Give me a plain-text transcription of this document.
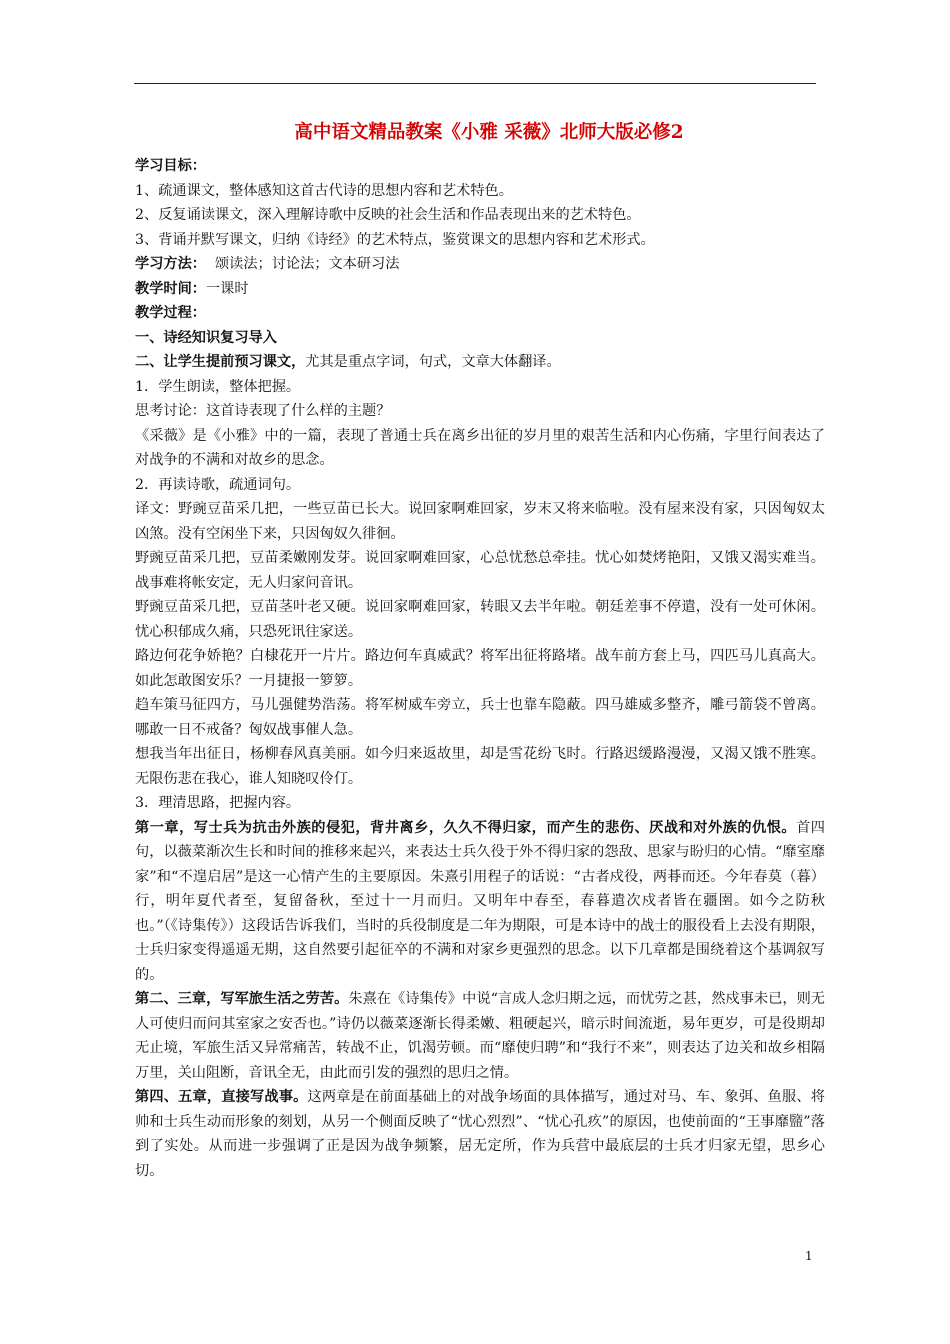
高中语文精品教案《小雅 采薇》北师大版必修2

学习目标：

1、疏通课文，整体感知这首古代诗的思想内容和艺术特色。

2、反复诵读课文，深入理解诗歌中反映的社会生活和作品表现出来的艺术特色。

3、背诵并默写课文，归纳《诗经》的艺术特点，鉴赏课文的思想内容和艺术形式。

学习方法：  颂读法；讨论法；文本研习法

教学时间：一课时

教学过程：

一、诗经知识复习导入

二、让学生提前预习课文，尤其是重点字词，句式，文章大体翻译。

1．学生朗读，整体把握。

思考讨论：这首诗表现了什么样的主题？

《采薇》是《小雅》中的一篇，表现了普通士兵在离乡出征的岁月里的艰苦生活和内心伤痛，字里行间表达了对战争的不满和对故乡的思念。

2．再读诗歌，疏通词句。

译文：野豌豆苗采几把，一些豆苗已长大。说回家啊难回家，岁末又将来临啦。没有屋来没有家，只因匈奴太凶煞。没有空闲坐下来，只因匈奴久徘徊。

野豌豆苗采几把，豆苗柔嫩刚发芽。说回家啊难回家，心总忧愁总牵挂。忧心如焚烤艳阳，又饿又渴实难当。战事难将帐安定，无人归家问音讯。

野豌豆苗采几把，豆苗茎叶老又硬。说回家啊难回家，转眼又去半年啦。朝廷差事不停遣，没有一处可休闲。忧心积郁成久痛，只恐死讯往家送。

路边何花争娇艳？白棣花开一片片。路边何车真威武？将军出征将路堵。战车前方套上马，四匹马儿真高大。如此怎敢图安乐？一月捷报一箩箩。

趋车策马征四方，马儿强健势浩荡。将军树威车旁立，兵士也靠车隐蔽。四马雄威多整齐，雕弓箭袋不曾离。哪敢一日不戒备？匈奴战事催人急。

想我当年出征日，杨柳春风真美丽。如今归来返故里，却是雪花纷飞时。行路迟缓路漫漫，又渴又饿不胜寒。无限伤悲在我心，谁人知晓叹伶仃。

3．理清思路，把握内容。

第一章，写士兵为抗击外族的侵犯，背井离乡，久久不得归家，而产生的悲伤、厌战和对外族的仇恨。首四句，以薇菜渐次生长和时间的推移来起兴，来表达士兵久役于外不得归家的怨敌、思家与盼归的心情。“靡室靡家”和“不遑启居”是这一心情产生的主要原因。朱熹引用程子的话说：“古者戍役，两朞而还。今年春莫（暮）行，明年夏代者至，复留备秋，至过十一月而归。又明年中春至，春暮遣次戍者皆在疆圉。如今之防秋也。”（《诗集传》）这段话告诉我们，当时的兵役制度是二年为期限，可是本诗中的战士的服役看上去没有期限，士兵归家变得遥遥无期，这自然要引起征卒的不满和对家乡更强烈的思念。以下几章都是围绕着这个基调叙写的。

第二、三章，写军旅生活之劳苦。朱熹在《诗集传》中说“言成人念归期之远，而忧劳之甚，然戍事未已，则无人可使归而问其室家之安否也。”诗仍以薇菜逐渐长得柔嫩、粗硬起兴，暗示时间流逝，易年更岁，可是役期却无止境，军旅生活又异常痛苦，转战不止，饥渴劳顿。而“靡使归聘”和“我行不来”，则表达了边关和故乡相隔万里，关山阻断，音讯全无，由此而引发的强烈的思归之情。

第四、五章，直接写战事。这两章是在前面基础上的对战争场面的具体描写，通过对马、车、象弭、鱼服、将帅和士兵生动而形象的刻划，从另一个侧面反映了“忧心烈烈”、“忧心孔疚”的原因，也使前面的“王事靡盬”落到了实处。从而进一步强调了正是因为战争频繁，居无定所，作为兵营中最底层的士兵才归家无望，思乡心切。

1
